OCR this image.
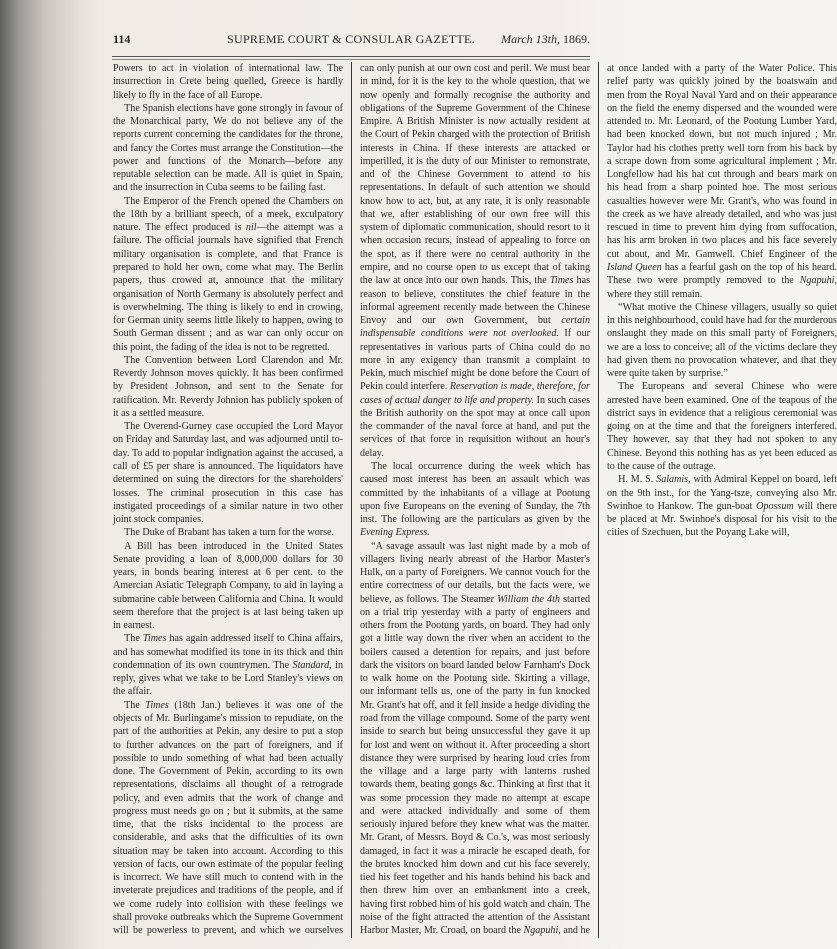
114	SUPREME COURT & CONSULAR GAZETTE.	March 13th, 1869.

Powers to act in violation of international law. The insurrection in Crete being quelled, Greece is hardly likely to fly in the face of all Europe.

The Spanish elections have gone strongly in favour of the Monarchical party, We do not believe any of the reports current concerning the candidates for the throne, and fancy the Cortes must arrange the Constitution—the power and functions of the Monarch—before any reputable selection can be made. All is quiet in Spain, and the insurrection in Cuba seems to be failing fast.

The Emperor of the French opened the Chambers on the 18th by a brilliant speech, of a meek, exculpatory nature. The effect produced is nil—the attempt was a failure. The official journals have signified that French military organisation is complete, and that France is prepared to hold her own, come what may. The Berlin papers, thus crowed at, announce that the military organisation of North Germany is absolutely perfect and is overwhelming. The thing is likely to end in crowing, for German unity seems little likely to happen, owing to South German dissent ; and as war can only occur on this point, the fading of the idea is not to be regretted.

The Convention between Lord Clarendon and Mr. Reverdy Johnson moves quickly. It has been confirmed by President Johnson, and sent to the Senate for ratification. Mr. Reverdy Johnion has publicly spoken of it as a settled measure.

The Overend-Gurney case occupied the Lord Mayor on Friday and Saturday last, and was adjourned until to-day. To add to popular indignation against the accused, a call of £5 per share is announced. The liquidators have determined on suing the directors for the shareholders' losses. The criminal prosecution in this case has instigated proceedings of a similar nature in two other joint stock companies.

The Duke of Brabant has taken a turn for the worse.

A Bill has been introduced in the United States Senate providing a loan of 8,000,000 dollars for 30 years, in bonds bearing interest at 6 per cent. to the Amercian Asiatic Telegraph Company, to aid in laying a submarine cable between California and China. It would seem therefore that the project is at last being taken up in earnest.

The Times has again addressed itself to China affairs, and has somewhat modified its tone in its thick and thin condemnation of its own countrymen. The Standard, in reply, gives what we take to be Lord Stanley's views on the affair.

The Times (18th Jan.) believes it was one of the objects of Mr. Burlingame's mission to repudiate, on the part of the authorities at Pekin, any desire to put a stop to further advances on the part of foreigners, and if possible to undo something of what had been actually done. The Government of Pekin, according to its own representations, disclaims all thought of a retrograde policy, and even admits that the work of change and progress must needs go on ; but it submits, at the same time, that the risks incidental to the process are considerable, and asks that the difficulties of its own situation may be taken into account. According to this version of facts, our own estimate of the popular feeling is incorrect. We have still much to contend with in the inveterate prejudices and traditions of the people, and if we come rudely into collision with these feelings we shall provoke outbreaks which the Supreme Government will be powerless to prevent, and which we ourselves can only punish at our own cost and peril. We must bear in mind, for it is the key to the whole question, that we now openly and formally recognise the authority and obligations of the Supreme Government of the Chinese Empire. A British Minister is now actually resident at the Court of Pekin charged with the protection of British interests in China. If these interests are attacked or imperilled, it is the duty of our Minister to remonstrate, and of the Chinese Government to attend to his representations. In default of such attention we should know how to act, but, at any rate, it is only reasonable that we, after establishing of our own free will this system of diplomatic communication, should resort to it when occasion recurs, instead of appealing to force on the spot, as if there were no central authority in the empire, and no course open to us except that of taking the law at once into our own hands. This, the Times has reason to believe, constitutes the chief feature in the informal agreement recently made between the Chinese Envoy and our own Government, but certain indispensable conditions were not overlooked. If our representatives in various parts of China could do no more in any exigency than transmit a complaint to Pekin, much mischief might be done before the Court of Pekin could interfere. Reservation is made, therefore, for cases of actual danger to life and property. In such cases the British authority on the spot may at once call upon the commander of the naval force at hand, and put the services of that force in requisition without an hour's delay.

The local occurrence during the week which has caused most interest has been an assault which was committed by the inhabitants of a village at Pootung upon five Europeans on the evening of Sunday, the 7th inst. The following are the particulars as given by the Evening Express.

“A savage assault was last night made by a mob of villagers living nearly abreast of the Harbor Master's Hulk, on a party of Foreigners. We cannot vouch for the entire correctness of our details, but the facts were, we believe, as follows. The Steamer William the 4th started on a trial trip yesterday with a party of engineers and others from the Pootung yards, on board. They had only got a little way down the river when an accident to the boilers caused a detention for repairs, and just before dark the visitors on board landed below Farnham's Dock to walk home on the Pootung side. Skirting a village, our informant tells us, one of the party in fun knocked Mr. Grant's hat off, and it fell inside a hedge dividing the road from the village compound. Some of the party went inside to search but being unsuccessful they gave it up for lost and went on without it. After proceeding a short distance they were surprised by hearing loud cries from the village and a large party with lanterns rushed towards them, beating gongs &c. Thinking at first that it was some procession they made no attempt at escape and were attacked individually and some of them seriously injured before they knew what was the matter. Mr. Grant, of Messrs. Boyd & Co.'s, was most seriously damaged, in fact it was a miracle he escaped death, for the brutes knocked him down and cut his face severely, tied his feet together and his hands behind his back and then threw him over an embankment into a creek, having first robbed him of his gold watch and chain. The noise of the fight attracted the attention of the Assistant Harbor Master, Mr. Croad, on board the Ngapuhi, and he at once landed with a party of the Water Police. This relief party was quickly joined by the boatswain and men from the Royal Naval Yard and on their appearance on the field the enemy dispersed and the wounded were attended to. Mr. Leonard, of the Pootung Lumber Yard, had been knocked down, but not much injured ; Mr. Taylor had his clothes pretty well torn from his back by a scrape down from some agricultural implement ; Mr. Longfellow had his hat cut through and bears mark on his head from a sharp pointed hoe. The most serious casualties however were Mr. Grant's, who was found in the creek as we have already detailed, and who was just rescued in time to prevent him dying from suffocation, has his arm broken in two places and his face severely cut about, and Mr. Gamwell. Chief Engineer of the Island Queen has a fearful gash on the top of his heard. These two were promptly removed to the Ngapuhi, where they still remain.

“What motive the Chinese villagers, usually so quiet in this neighbourhood, could have had for the murderous onslaught they made on this small party of Foreigners, we are a loss to conceive; all of the victims declare they had given them no provocation whatever, and that they were quite taken by surprise.”

The Europeans and several Chinese who were arrested have been examined. One of the teapous of the district says in evidence that a religious ceremonial was going on at the time and that the foreigners interfered. They however, say that they had not spoken to any Chinese. Beyond this nothing has as yet been educed as to the cause of the outrage.

H. M. S. Salamis, with Admiral Keppel on board, left on the 9th inst., for the Yang-tsze, conveying also Mr. Swinhoe to Hankow. The gun-boat Opossum will there be placed at Mr. Swinhoe's disposal for his visit to the cities of Szechuen, but the Poyang Lake will,
